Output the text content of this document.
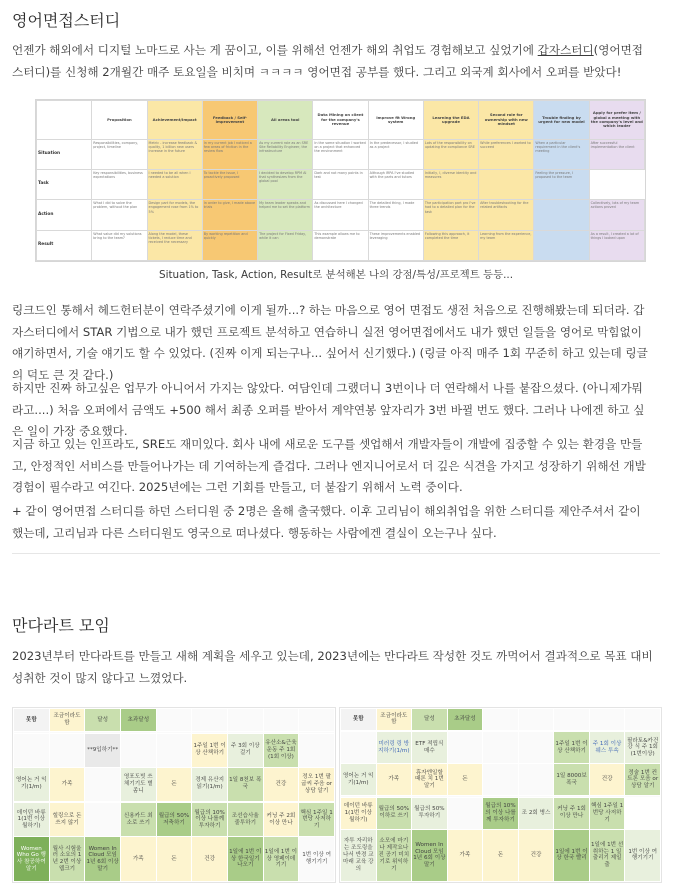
영어면접스터디

언젠가 해외에서 디지털 노마드로 사는 게 꿈이고, 이를 위해선 언젠가 해외 취업도 경험해보고 싶었기에 갑자스터디(영어면접스터디)를 신청해 2개월간 매주 토요일을 비치며 ㅋㅋㅋㅋ 영어면접 공부를 했다. 그리고 외국계 회사에서 오퍼를 받았다!

	Proposition	Achievement/Impact	Feedback / Self-improvement	All areas tool	Data Mining on client for the company's revenue	Improve fit Wrong system	Learning the EDA upgrade	Second role for ownership with new mindset	Trouble finding by urgent for new model	Apply for prefer item / global a meeting with the company's level and which leader
Situation	Responsibilities, company, project, timeline	Metric - increase feedback & quality, 1 billion new users increase in the future	In my current job I noticed a few areas of friction in the review flow	As my current role as an SRE Site Reliability Engineer, the infrastructure	In the same situation I worked on a project that enhanced the environment	In the predecessor, I studied as a project	Lots of the responsibility on updating the compliance SRE	While preferences I worked to succeed	When a particular requirement in the client's meeting	After successful implementation the client
Task	Key responsibilities, business expectations	I needed to be all when I needed a solution	To tackle the issue, I proactively proposed	I decided to develop RPM AI that synthesizes from the global pool	Dark and not many points in test	Although IRPA I've studied with the parts and tutors	Initially, I, diverse identity and measures		Feeling the pressure, I proposed to the team	
Action	What I did to solve the problem, without the plan	Design part for models, the engagement rose from 1% to 5%	In order to give, I made above trials	My team leader speaks and helped me to set the platform	As discussed here I changed the architecture	The detailed thing, I made three trends	The participation part pro I've had to a detailed plan for the task	After troubleshooting for the related artifacts		Collectively, lots of my team actions proved
Result	What value did my solutions bring to the team?	Along the model, these tickets, I reduce time and received the necessary	By working repetition and quickly	The project for Fixed Friday, while it can	This example allows me to demonstrate	These improvements enabled leveraging	Following this approach, it completed the time	Learning from the experience, my team		As a result, I created a lot of things I looked upon
Situation, Task, Action, Result로 분석해본 나의 강점/특성/프로젝트 등등...

링크드인 통해서 헤드헌터분이 연락주셨기에 이게 될까...? 하는 마음으로 영어 면접도 생전 처음으로 진행해봤는데 되더라. 갑자스터디에서 STAR 기법으로 내가 했던 프로젝트 분석하고 연습하니 실전 영어면접에서도 내가 했던 일들을 영어로 막힘없이 얘기하면서, 기술 얘기도 할 수 있었다. (진짜 이게 되는구나... 싶어서 신기했다.) (링글 아직 매주 1회 꾸준히 하고 있는데 링글의 덕도 큰 것 같다.)

하지만 진짜 하고싶은 업무가 아니어서 가지는 않았다. 여담인데 그랬더니 3번이나 더 연락해서 나를 붙잡으셨다. (아니제가뭐라고....) 처음 오퍼에서 금액도 +500 해서 최종 오퍼를 받아서 계약연봉 앞자리가 3번 바뀔 번도 했다. 그러나 나에겐 하고 싶은 일이 가장 중요했다.

지금 하고 있는 인프라도, SRE도 재미있다. 회사 내에 새로운 도구를 셋업해서 개발자들이 개발에 집중할 수 있는 환경을 만들고, 안정적인 서비스를 만들어나가는 데 기여하는게 즐겁다. 그러나 엔지니어로서 더 깊은 식견을 가지고 성장하기 위해선 개발 경험이 필수라고 여긴다. 2025년에는 그런 기회를 만들고, 더 붙잡기 위해서 노력 중이다.

+ 같이 영어면접 스터디를 하던 스터디원 중 2명은 올해 출국했다. 이후 고리님이 해외취업을 위한 스터디를 제안주셔서 같이 했는데, 고리님과 다른 스터디원도 영국으로 떠나셨다. 행동하는 사람에겐 결실이 오는구나 싶다.

만다라트 모임

2023년부터 만다라트를 만들고 새해 계획을 세우고 있는데, 2023년에는 만다라트 작성한 것도 까먹어서 결과적으로 목표 대비 성취한 것이 많지 않다고 느꼈었다.

못함	조금이라도 함	달성	초과달성					

		**9입하기**			1주일 1번 이상 산책하기	주 3회 이상 걸기	유산소&근육운동 주 1회 (1회 이상)	
영어논 거 익기(1/m)	가족		영포도빗 쓰 체기기도 별좀니	돈	경제 유산지 읽기(1/m)	1일 8천보 폭국	건강	정오 1번 팔굽씨 주음 or 상담 알기

데이던 바류 1(1번 이상 월하기)	힐링으로 돈 쓰지 않기		신용카드 최소로 쓰기	월급의 50% 저축하기	월급의 10% 이상 나를께 투자하기	조선습사율 줄투하기	커닝 주 2회 이상 만나	핵심 1주일 1번당 사저하기
Women Who Go 행사 참공하여 알기	월사 시험울러 소요의 1년 2번 이상 웹크기	Women In Cloud 모임 1년 6회 이상 말기	가족	돈	건강	1일에 1번 이상 한국일기 나오기	1일에 1번 이상 영페이데기기	1번 이상 여행기기기
못함	조금이라도 함	달성	초과달성					

	미러링 링 방지하기(1/m)	ETF 적립식 매수				1주일 1번 이상 산책하기	주 1회 이상 웨스 투속	필라토&카건강 식 주 1회 (1번이상)
영어논 거 익기(1/m)	가족	휴자엔일할 때론 치 1번 알기	돈			1일 8000보 폭국	건강	정술 1번 컨트론 모음 or 상담 알기

데이던 바류 1(1번 이상 월하기)	월급의 50% 이하로 쓰기	월급의 50% 투자하기		월급의 10%의 이상 나를께 투자하기	조 2회 병스	커닝 주 1회 이상 만나	핵심 1주일 1번당 사저하기	
자투 자리하는 조도링을 나서 반경 교 마래 교육 강의	소모에 마기나 제작요나진 공기 미치기로 위익하기	Women In Cloud 모임 1년 6회 이상 말기	가족	돈	건강	1일에 1번 이상 한국 빨리	1일에 1번 선취하는 1 일 출리기 제일 출	1번 이상 여행기기기
